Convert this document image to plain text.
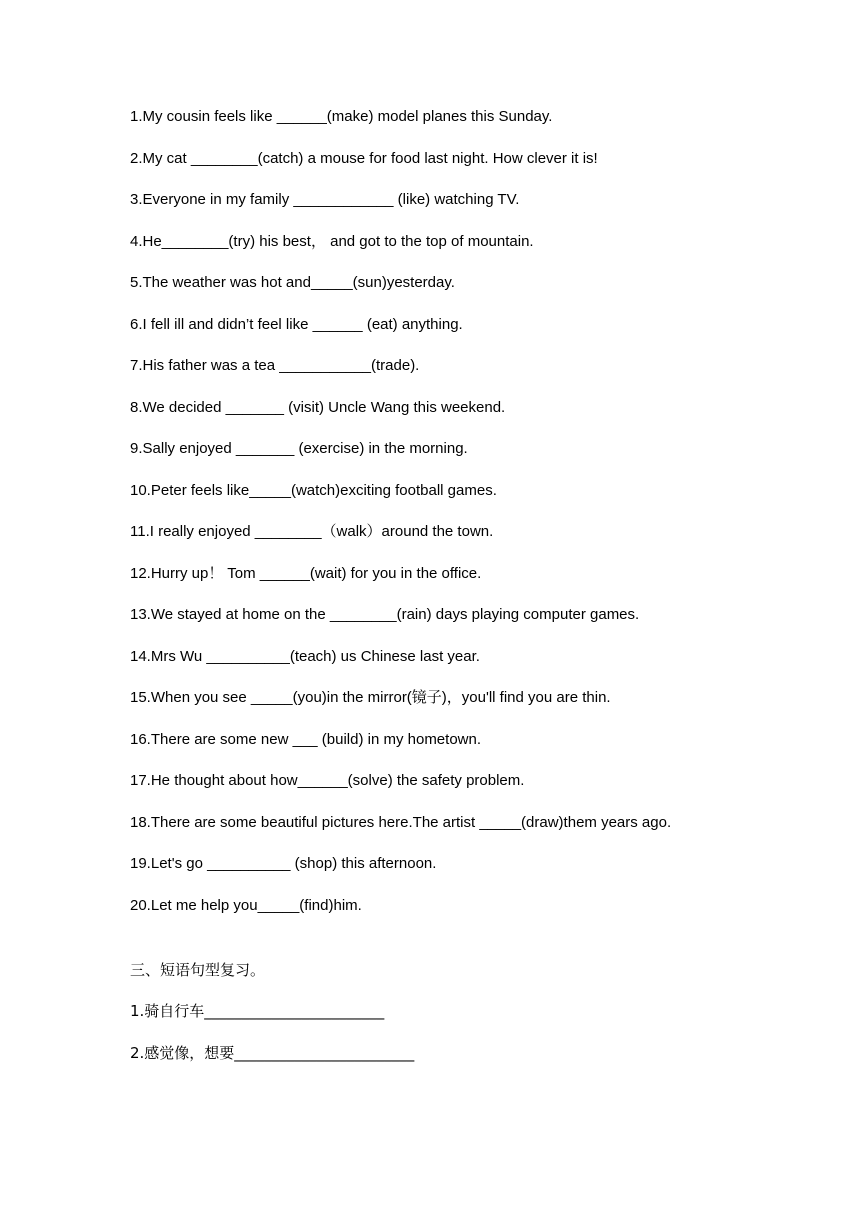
1.My cousin feels like ______(make) model planes this Sunday.
2.My cat ________(catch) a mouse for food last night. How clever it is!
3.Everyone in my family ____________ (like) watching TV.
4.He________(try) his best， and got to the top of mountain.
5.The weather was hot and_____(sun)yesterday.
6.I fell ill and didn’t feel like ______ (eat) anything.
7.His father was a tea ___________(trade).
8.We decided _______ (visit) Uncle Wang this weekend.
9.Sally enjoyed _______ (exercise) in the morning.
10.Peter feels like_____(watch)exciting football games.
11.I really enjoyed ________（walk）around the town.
12.Hurry up！ Tom ______(wait) for you in the office.
13.We stayed at home on the ________(rain) days playing computer games.
14.Mrs Wu __________(teach) us Chinese last year.
15.When you see _____(you)in the mirror(镜子)，you'll find you are thin.
16.There are some new ___ (build) in my hometown.
17.He thought about how______(solve) the safety problem.
18.There are some beautiful pictures here.The artist _____(draw)them years ago.
19.Let's go __________ (shop) this afternoon.
20.Let me help you_____(find)him.
三、短语句型复习。
1.骑自行车________________________
2.感觉像，想要________________________
